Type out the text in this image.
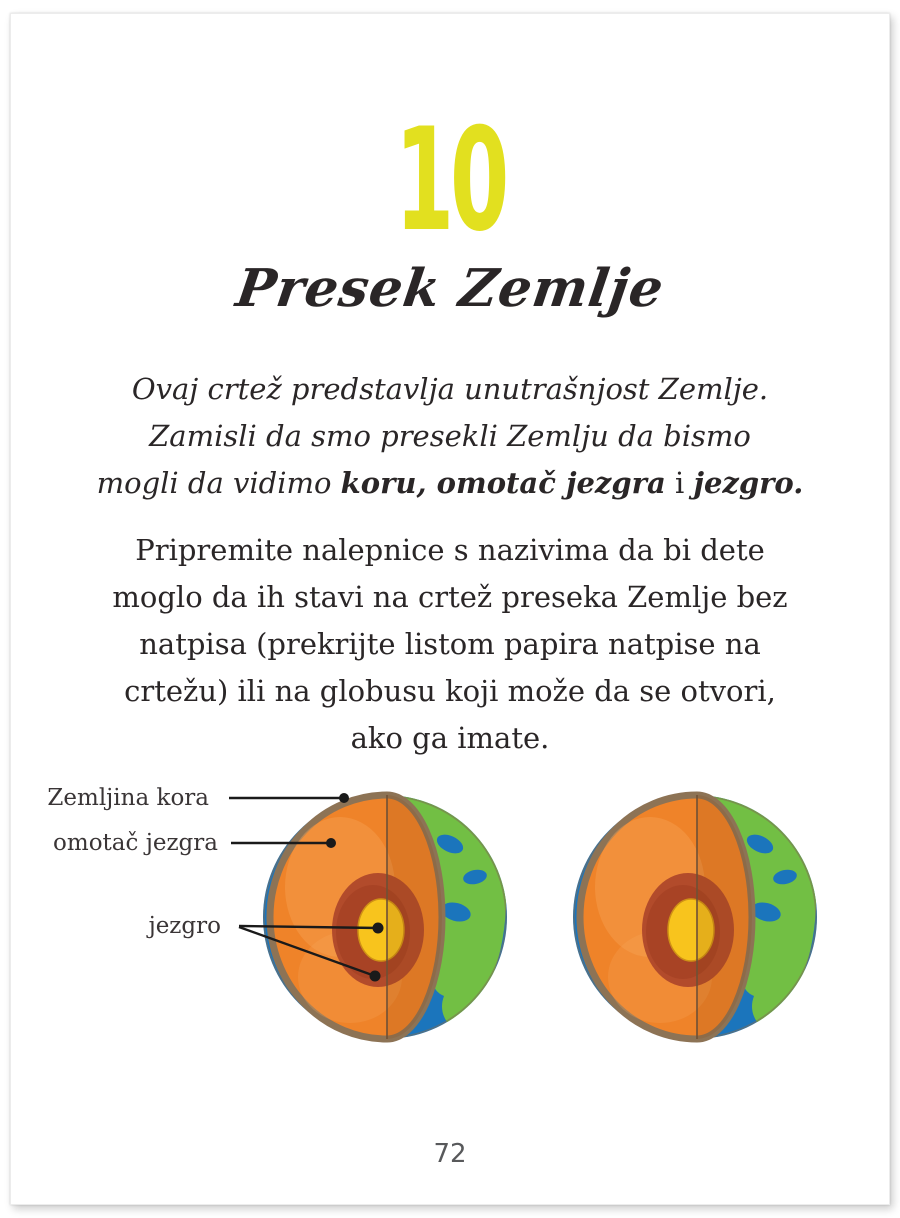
10
Presek Zemlje
Ovaj crtež predstavlja unutrašnjost Zemlje.
Zamisli da smo presekli Zemlju da bismo
mogli da vidimo koru, omotač jezgra i jezgro.
Pripremite nalepnice s nazivima da bi dete
moglo da ih stavi na crtež preseka Zemlje bez
natpisa (prekrijte listom papira natpise na
crtežu) ili na globusu koji može da se otvori,
ako ga imate.
Zemljina kora
omotač jezgra
jezgro
72
